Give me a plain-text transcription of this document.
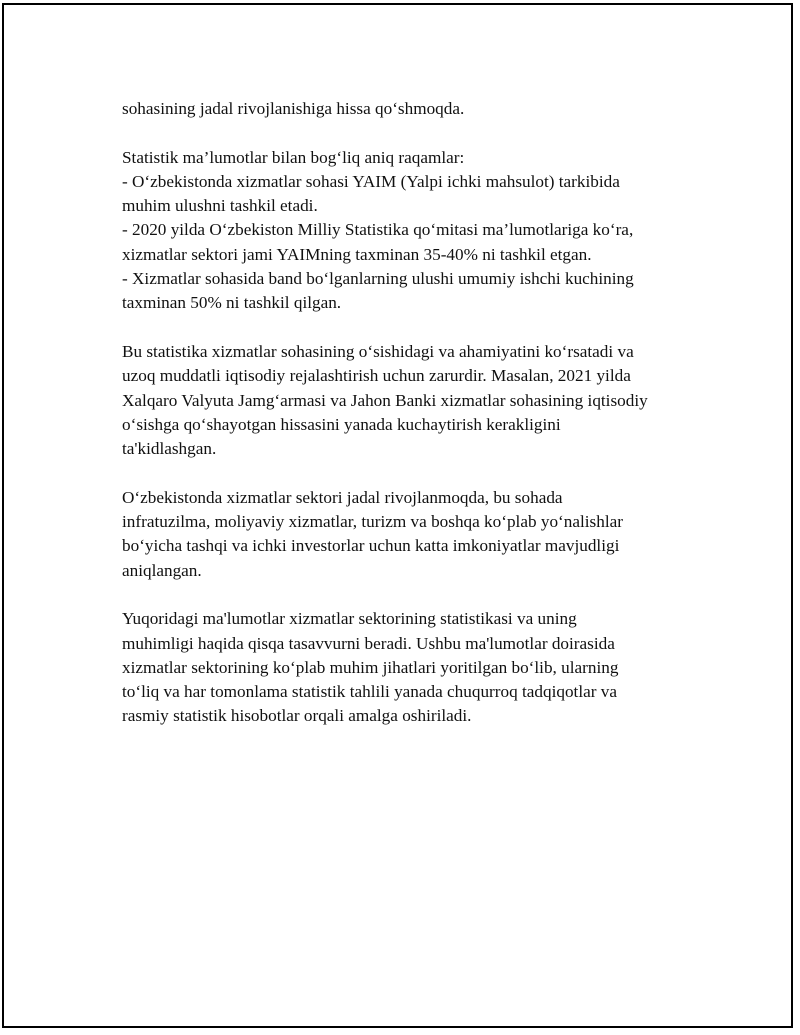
sohasining jadal rivojlanishiga hissa qo‘shmoqda.

Statistik ma’lumotlar bilan bog‘liq aniq raqamlar:
- O‘zbekistonda xizmatlar sohasi YAIM (Yalpi ichki mahsulot) tarkibida
muhim ulushni tashkil etadi.
- 2020 yilda O‘zbekiston Milliy Statistika qo‘mitasi ma’lumotlariga ko‘ra,
xizmatlar sektori jami YAIMning taxminan 35-40% ni tashkil etgan.
- Xizmatlar sohasida band bo‘lganlarning ulushi umumiy ishchi kuchining
taxminan 50% ni tashkil qilgan.

Bu statistika xizmatlar sohasining o‘sishidagi va ahamiyatini ko‘rsatadi va
uzoq muddatli iqtisodiy rejalashtirish uchun zarurdir. Masalan, 2021 yilda
Xalqaro Valyuta Jamg‘armasi va Jahon Banki xizmatlar sohasining iqtisodiy
o‘sishga qo‘shayotgan hissasini yanada kuchaytirish kerakligini
ta'kidlashgan.

O‘zbekistonda xizmatlar sektori jadal rivojlanmoqda, bu sohada
infratuzilma, moliyaviy xizmatlar, turizm va boshqa ko‘plab yo‘nalishlar
bo‘yicha tashqi va ichki investorlar uchun katta imkoniyatlar mavjudligi
aniqlangan.

Yuqoridagi ma'lumotlar xizmatlar sektorining statistikasi va uning
muhimligi haqida qisqa tasavvurni beradi. Ushbu ma'lumotlar doirasida
xizmatlar sektorining ko‘plab muhim jihatlari yoritilgan bo‘lib, ularning
to‘liq va har tomonlama statistik tahlili yanada chuqurroq tadqiqotlar va
rasmiy statistik hisobotlar orqali amalga oshiriladi.
